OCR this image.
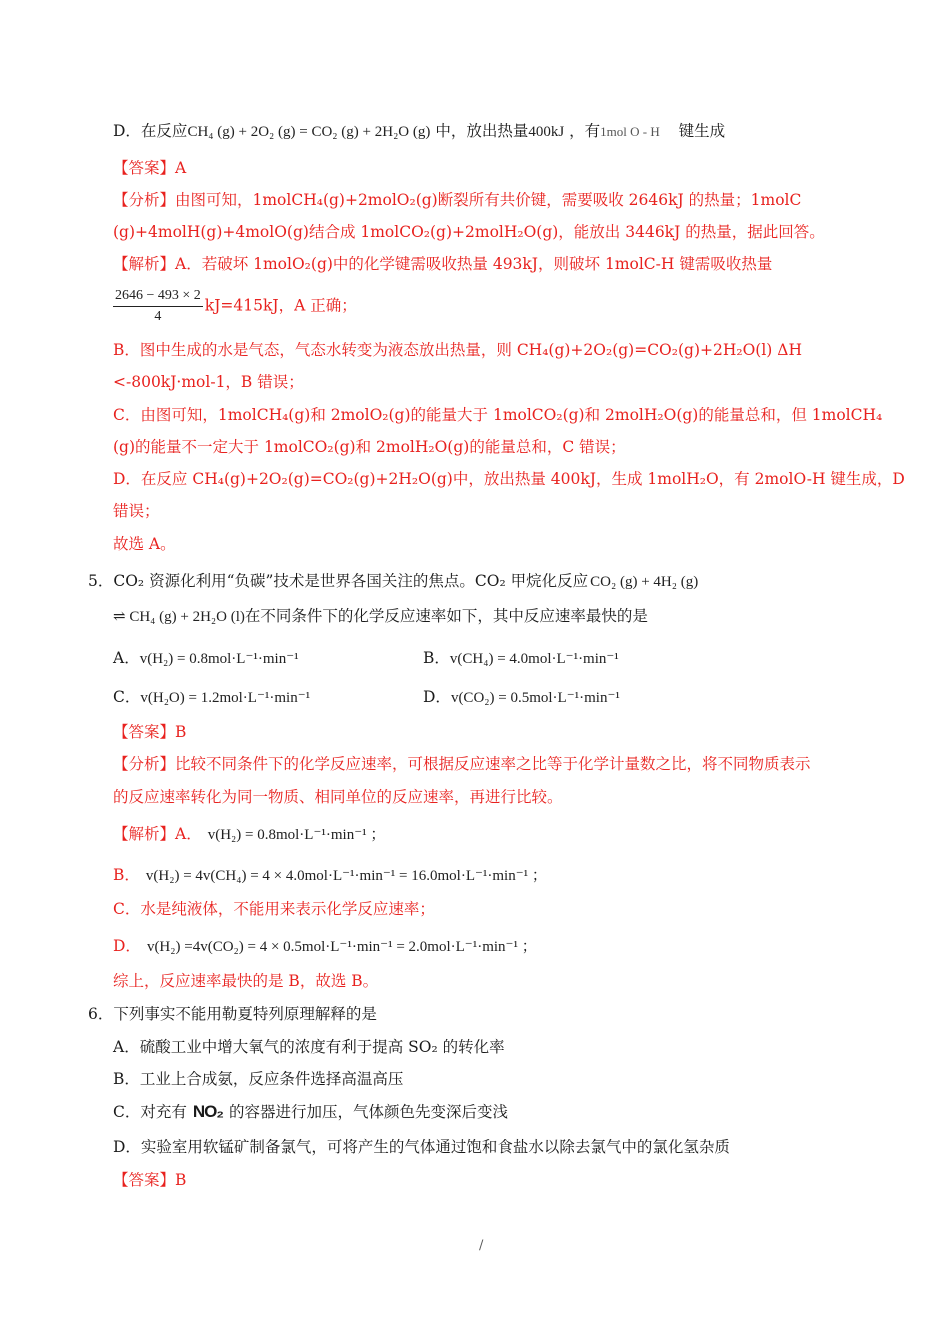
D．在反应CH₄ (g) + 2O₂ (g) = CO₂ (g) + 2H₂O (g) 中，放出热量400kJ ，有1mol O - H 键生成
【答案】A
【分析】由图可知，1molCH₄(g)+2molO₂(g)断裂所有共价键，需要吸收 2646kJ 的热量；1molC
(g)+4molH(g)+4molO(g)结合成 1molCO₂(g)+2molH₂O(g)，能放出 3446kJ 的热量，据此回答。
【解析】A．若破坏 1molO₂(g)中的化学键需吸收热量 493kJ，则破坏 1molC-H 键需吸收热量
$\frac{2646 - 493 \times 2}{4} kJ=415kJ$，A 正确；
B．图中生成的水是气态，气态水转变为液态放出热量，则 CH₄(g)+2O₂(g)=CO₂(g)+2H₂O(l) ΔH
<-800kJ·mol-1，B 错误；
C．由图可知，1molCH₄(g)和 2molO₂(g)的能量大于 1molCO₂(g)和 2molH₂O(g)的能量总和，但 1molCH₄
(g)的能量不一定大于 1molCO₂(g)和 2molH₂O(g)的能量总和，C 错误；
D．在反应 CH₄(g)+2O₂(g)=CO₂(g)+2H₂O(g)中，放出热量 400kJ，生成 1molH₂O，有 2molO-H 键生成，D
错误；
故选 A。
5．CO₂ 资源化利用“负碳”技术是世界各国关注的焦点。CO₂ 甲烷化反应 CO₂ (g) + 4H₂ (g)
⇌ CH₄ (g) + 2H₂O (l)在不同条件下的化学反应速率如下，其中反应速率最快的是
A．v(H₂) = 0.8mol·L⁻¹·min⁻¹	B．v(CH₄) = 4.0mol·L⁻¹·min⁻¹
C．v(H₂O) = 1.2mol·L⁻¹·min⁻¹	D．v(CO₂) = 0.5mol·L⁻¹·min⁻¹
【答案】B
【分析】比较不同条件下的化学反应速率，可根据反应速率之比等于化学计量数之比，将不同物质表示
的反应速率转化为同一物质、相同单位的反应速率，再进行比较。
【解析】A． v(H₂) = 0.8mol·L⁻¹·min⁻¹ ；
B． v(H₂) = 4v(CH₄) = 4 × 4.0mol·L⁻¹·min⁻¹ = 16.0mol·L⁻¹·min⁻¹ ；
C．水是纯液体，不能用来表示化学反应速率；
D． v(H₂) =4v(CO₂) = 4 × 0.5mol·L⁻¹·min⁻¹ = 2.0mol·L⁻¹·min⁻¹ ；
综上，反应速率最快的是 B，故选 B。
6．下列事实不能用勒夏特列原理解释的是
A．硫酸工业中增大氧气的浓度有利于提高 SO₂ 的转化率
B．工业上合成氨，反应条件选择高温高压
C．对充有 NO₂ 的容器进行加压，气体颜色先变深后变浅
D．实验室用软锰矿制备氯气，可将产生的气体通过饱和食盐水以除去氯气中的氯化氢杂质
【答案】B
/
